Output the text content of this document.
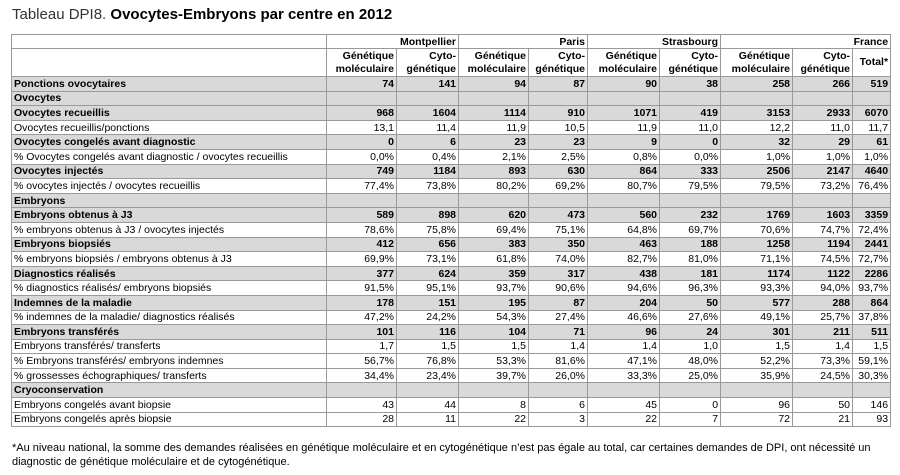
Tableau DPI8. Ovocytes-Embryons par centre en 2012
	Montpellier		Paris		Strasbourg		France		
	Génétique moléculaire	Cyto-génétique	Génétique moléculaire	Cyto-génétique	Génétique moléculaire	Cyto-génétique	Génétique moléculaire	Cyto-génétique	Total*
Ponctions ovocytaires	74	141	94	87	90	38	258	266	519
Ovocytes									
Ovocytes recueillis	968	1604	1114	910	1071	419	3153	2933	6070
Ovocytes recueillis/ponctions	13,1	11,4	11,9	10,5	11,9	11,0	12,2	11,0	11,7
Ovocytes congelés avant diagnostic	0	6	23	23	9	0	32	29	61
% Ovocytes congelés avant diagnostic / ovocytes recueillis	0,0%	0,4%	2,1%	2,5%	0,8%	0,0%	1,0%	1,0%	1,0%
Ovocytes injectés	749	1184	893	630	864	333	2506	2147	4640
% ovocytes injectés / ovocytes recueillis	77,4%	73,8%	80,2%	69,2%	80,7%	79,5%	79,5%	73,2%	76,4%
Embryons									
Embryons obtenus à J3	589	898	620	473	560	232	1769	1603	3359
% embryons obtenus à J3 / ovocytes injectés	78,6%	75,8%	69,4%	75,1%	64,8%	69,7%	70,6%	74,7%	72,4%
Embryons biopsiés	412	656	383	350	463	188	1258	1194	2441
% embryons biopsiés / embryons obtenus à J3	69,9%	73,1%	61,8%	74,0%	82,7%	81,0%	71,1%	74,5%	72,7%
Diagnostics réalisés	377	624	359	317	438	181	1174	1122	2286
% diagnostics réalisés/ embryons biopsiés	91,5%	95,1%	93,7%	90,6%	94,6%	96,3%	93,3%	94,0%	93,7%
Indemnes de la maladie	178	151	195	87	204	50	577	288	864
% indemnes de la maladie/ diagnostics réalisés	47,2%	24,2%	54,3%	27,4%	46,6%	27,6%	49,1%	25,7%	37,8%
Embryons transférés	101	116	104	71	96	24	301	211	511
Embryons transférés/ transferts	1,7	1,5	1,5	1,4	1,4	1,0	1,5	1,4	1,5
% Embryons transférés/ embryons indemnes	56,7%	76,8%	53,3%	81,6%	47,1%	48,0%	52,2%	73,3%	59,1%
% grossesses échographiques/ transferts	34,4%	23,4%	39,7%	26,0%	33,3%	25,0%	35,9%	24,5%	30,3%
Cryoconservation									
Embryons congelés avant biopsie	43	44	8	6	45	0	96	50	146
Embryons congelés après biopsie	28	11	22	3	22	7	72	21	93
*Au niveau national, la somme des demandes réalisées en génétique moléculaire et en cytogénétique n’est pas égale au total, car certaines demandes de DPI, ont nécessité un diagnostic de génétique moléculaire et de cytogénétique.
